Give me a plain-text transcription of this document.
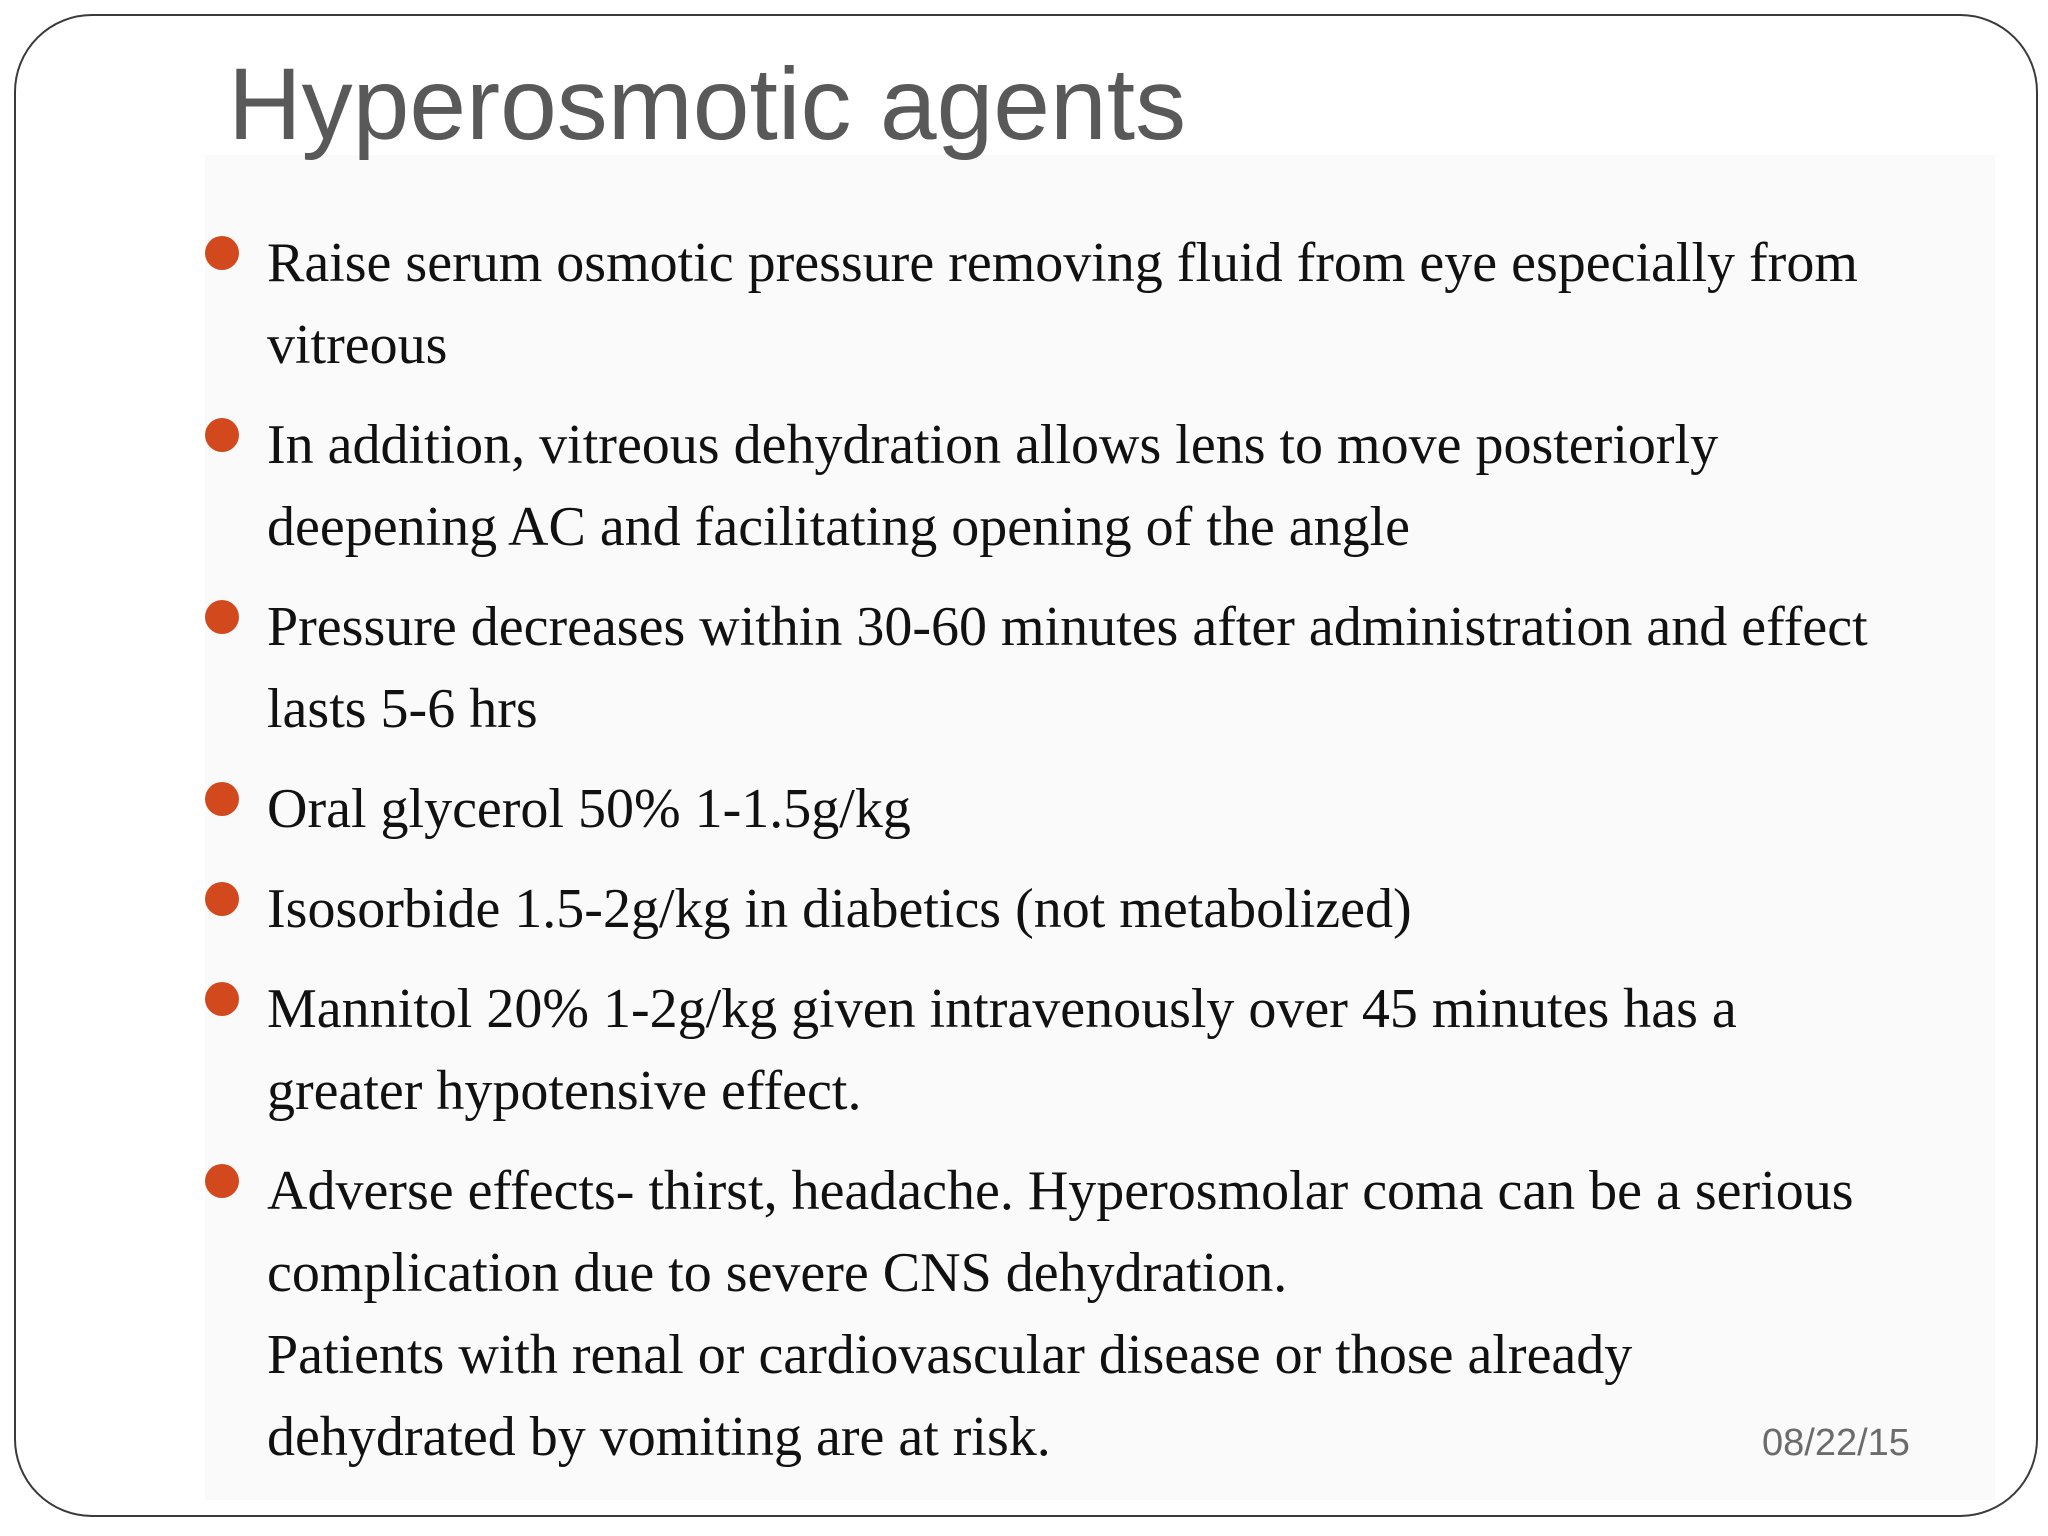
Hyperosmotic agents
Raise serum osmotic pressure removing fluid from eye especially from vitreous
In addition, vitreous dehydration allows lens to move posteriorly deepening AC and facilitating opening of the angle
Pressure decreases within 30-60 minutes after administration and effect lasts 5-6 hrs
Oral glycerol 50% 1-1.5g/kg
Isosorbide 1.5-2g/kg in diabetics (not metabolized)
Mannitol 20% 1-2g/kg given intravenously over 45 minutes has a greater hypotensive effect.
Adverse effects- thirst, headache. Hyperosmolar coma can be a serious complication due to severe CNS dehydration.
Patients with renal or cardiovascular disease or those already dehydrated by vomiting are at risk.	08/22/15
